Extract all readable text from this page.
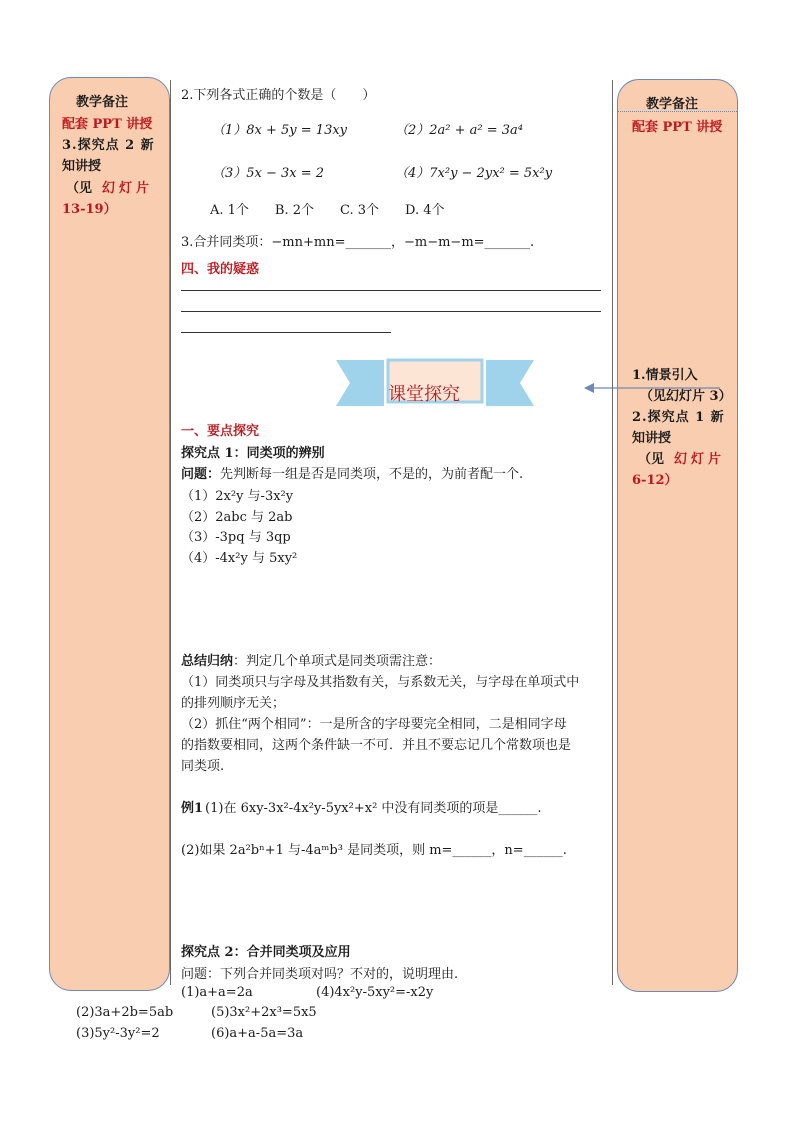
教学备注
配套 PPT 讲授
3.探究点 2 新
知讲授
（见 幻灯片
13-19）
教学备注
配套 PPT 讲授
1.情景引入
（见幻灯片 3）
2.探究点 1 新
知讲授
（见 幻灯片
6-12）
2.下列各式正确的个数是（　　）
（1）8x + 5y = 13xy	（2）2a² + a² = 3a⁴
（3）5x − 3x = 2	（4）7x²y − 2yx² = 5x²y
A. 1个　　B. 2个　　C. 3个　　D. 4个
3.合并同类项：−mn+mn=_______，−m−m−m=_______.
四、我的疑惑
课堂探究
一、要点探究
探究点 1：同类项的辨别
问题：先判断每一组是否是同类项，不是的，为前者配一个.
（1）2x²y 与-3x²y
（2）2abc 与 2ab
（3）-3pq 与 3qp
（4）-4x²y 与 5xy²
总结归纳：判定几个单项式是同类项需注意：
（1）同类项只与字母及其指数有关，与系数无关，与字母在单项式中
的排列顺序无关；
（2）抓住“两个相同”：一是所含的字母要完全相同，二是相同字母
的指数要相同，这两个条件缺一不可．并且不要忘记几个常数项也是
同类项.
例1 (1)在 6xy-3x²-4x²y-5yx²+x² 中没有同类项的项是______.
(2)如果 2a²bⁿ+1 与-4aᵐb³ 是同类项，则 m=______，n=______.
探究点 2：合并同类项及应用
问题：下列合并同类项对吗？不对的，说明理由.
(1)a+a=2a	(4)4x²y-5xy²=-x2y
(2)3a+2b=5ab	(5)3x²+2x³=5x5
(3)5y²-3y²=2	(6)a+a-5a=3a
